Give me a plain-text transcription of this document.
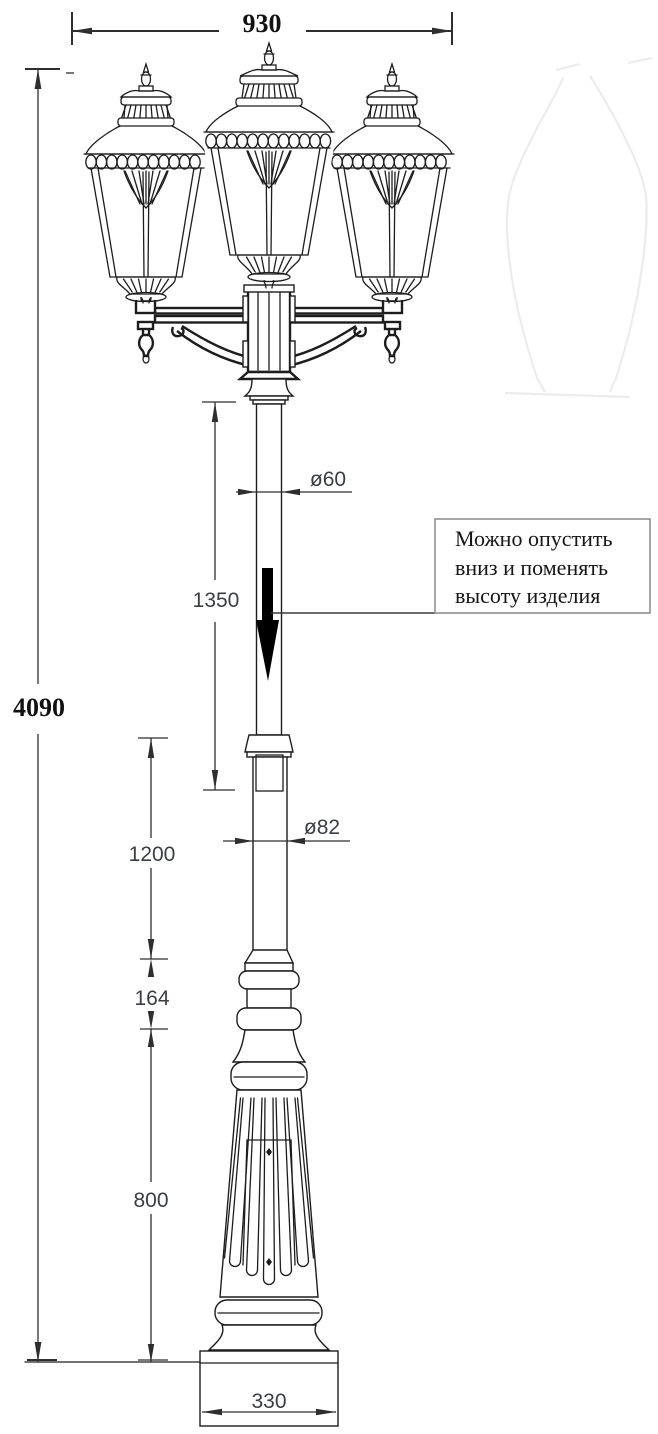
930
4090
Можно опустить
вниз и поменять
высоту изделия
1350
ø60
ø82
1200
164
800
330
